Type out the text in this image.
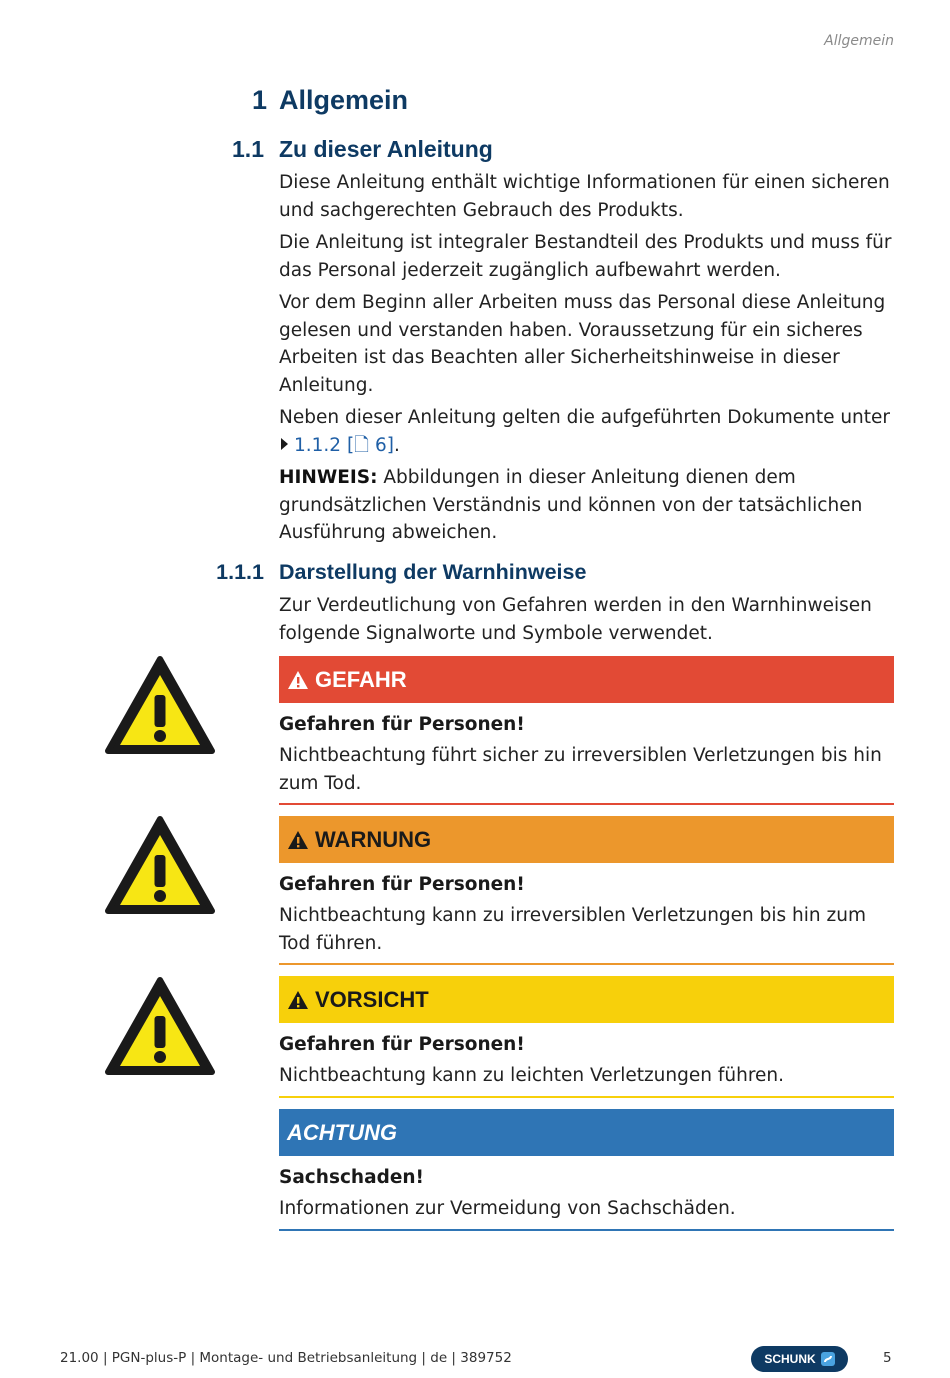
Allgemein
1 Allgemein
1.1 Zu dieser Anleitung

Diese Anleitung enthält wichtige Informationen für einen sicheren und sachgerechten Gebrauch des Produkts.

Die Anleitung ist integraler Bestandteil des Produkts und muss für das Personal jederzeit zugänglich aufbewahrt werden.

Vor dem Beginn aller Arbeiten muss das Personal diese Anleitung gelesen und verstanden haben. Voraussetzung für ein sicheres Arbeiten ist das Beachten aller Sicherheitshinweise in dieser Anleitung.

Neben dieser Anleitung gelten die aufgeführten Dokumente unter 1.1.2 [🗋 6].

HINWEIS: Abbildungen in dieser Anleitung dienen dem grundsätzlichen Verständnis und können von der tatsächlichen Ausführung abweichen.

1.1.1 Darstellung der Warnhinweise

Zur Verdeutlichung von Gefahren werden in den Warnhinweisen folgende Signalworte und Symbole verwendet.

GEFAHR
Gefahren für Personen!
Nichtbeachtung führt sicher zu irreversiblen Verletzungen bis hin zum Tod.
WARNUNG
Gefahren für Personen!
Nichtbeachtung kann zu irreversiblen Verletzungen bis hin zum Tod führen.
VORSICHT
Gefahren für Personen!
Nichtbeachtung kann zu leichten Verletzungen führen.
ACHTUNG
Sachschaden!
Informationen zur Vermeidung von Sachschäden.
21.00 | PGN-plus-P | Montage- und Betriebsanleitung | de | 389752	SCHUNK	5
